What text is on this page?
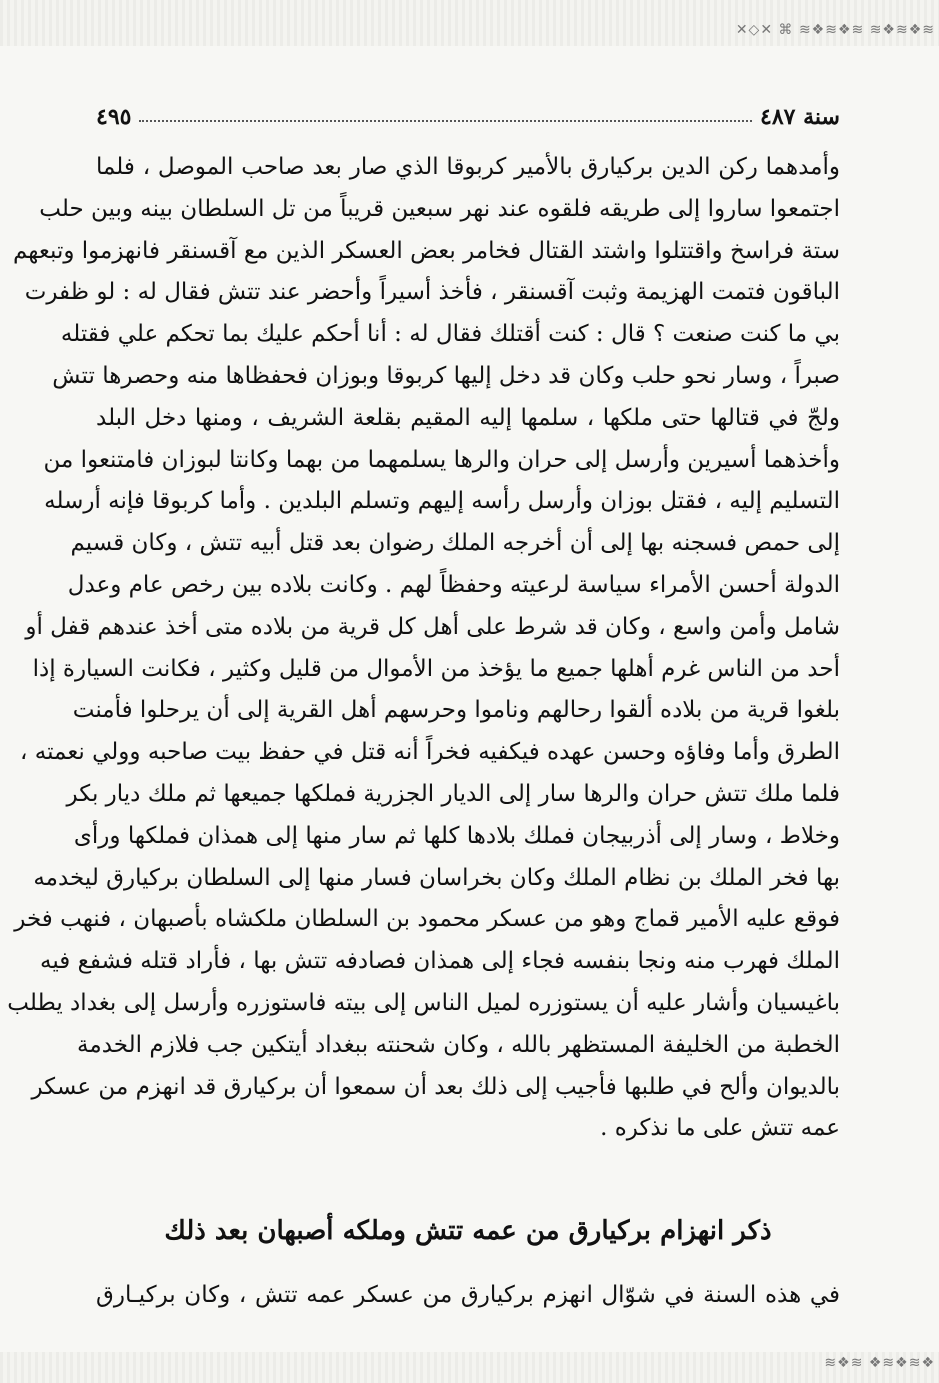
✕◇✕ ⌘ ≋❖≋❖≋ ≋❖≋❖≋
سنة ٤٨٧
٤٩٥
وأمدهما ركن الدين بركيارق بالأمير كربوقا الذي صار بعد صاحب الموصل ، فلما
اجتمعوا ساروا إلى طريقه فلقوه عند نهر سبعين قريباً من تل السلطان بينه وبين حلب
ستة فراسخ واقتتلوا واشتد القتال فخامر بعض العسكر الذين مع آقسنقر فانهزموا وتبعهم
الباقون فتمت الهزيمة وثبت آقسنقر ، فأخذ أسيراً وأحضر عند تتش فقال له : لو ظفرت
بي ما كنت صنعت ؟ قال : كنت أقتلك فقال له : أنا أحكم عليك بما تحكم علي فقتله
صبراً ، وسار نحو حلب وكان قد دخل إليها كربوقا وبوزان فحفظاها منه وحصرها تتش
ولجّ في قتالها حتى ملكها ، سلمها إليه المقيم بقلعة الشريف ، ومنها دخل البلد
وأخذهما أسيرين وأرسل إلى حران والرها يسلمهما من بهما وكانتا لبوزان فامتنعوا من
التسليم إليه ، فقتل بوزان وأرسل رأسه إليهم وتسلم البلدين . وأما كربوقا فإنه أرسله
إلى حمص فسجنه بها إلى أن أخرجه الملك رضوان بعد قتل أبيه تتش ، وكان قسيم
الدولة أحسن الأمراء سياسة لرعيته وحفظاً لهم . وكانت بلاده بين رخص عام وعدل
شامل وأمن واسع ، وكان قد شرط على أهل كل قرية من بلاده متى أخذ عندهم قفل أو
أحد من الناس غرم أهلها جميع ما يؤخذ من الأموال من قليل وكثير ، فكانت السيارة إذا
بلغوا قرية من بلاده ألقوا رحالهم وناموا وحرسهم أهل القرية إلى أن يرحلوا فأمنت
الطرق وأما وفاؤه وحسن عهده فيكفيه فخراً أنه قتل في حفظ بيت صاحبه وولي نعمته ،
فلما ملك تتش حران والرها سار إلى الديار الجزرية فملكها جميعها ثم ملك ديار بكر
وخلاط ، وسار إلى أذربيجان فملك بلادها كلها ثم سار منها إلى همذان فملكها ورأى
بها فخر الملك بن نظام الملك وكان بخراسان فسار منها إلى السلطان بركيارق ليخدمه
فوقع عليه الأمير قماج وهو من عسكر محمود بن السلطان ملكشاه بأصبهان ، فنهب فخر
الملك فهرب منه ونجا بنفسه فجاء إلى همذان فصادفه تتش بها ، فأراد قتله فشفع فيه
باغيسيان وأشار عليه أن يستوزره لميل الناس إلى بيته فاستوزره وأرسل إلى بغداد يطلب
الخطبة من الخليفة المستظهر بالله ، وكان شحنته ببغداد أيتكين جب فلازم الخدمة
بالديوان وألح في طلبها فأجيب إلى ذلك بعد أن سمعوا أن بركيارق قد انهزم من عسكر
عمه تتش على ما نذكره .
ذكر انهزام بركيارق من عمه تتش وملكه أصبهان بعد ذلك
في هذه السنة في شوّال انهزم بركيارق من عسكر عمه تتش ، وكان بركيـارق
≋❖≋ ❖≋❖≋❖
